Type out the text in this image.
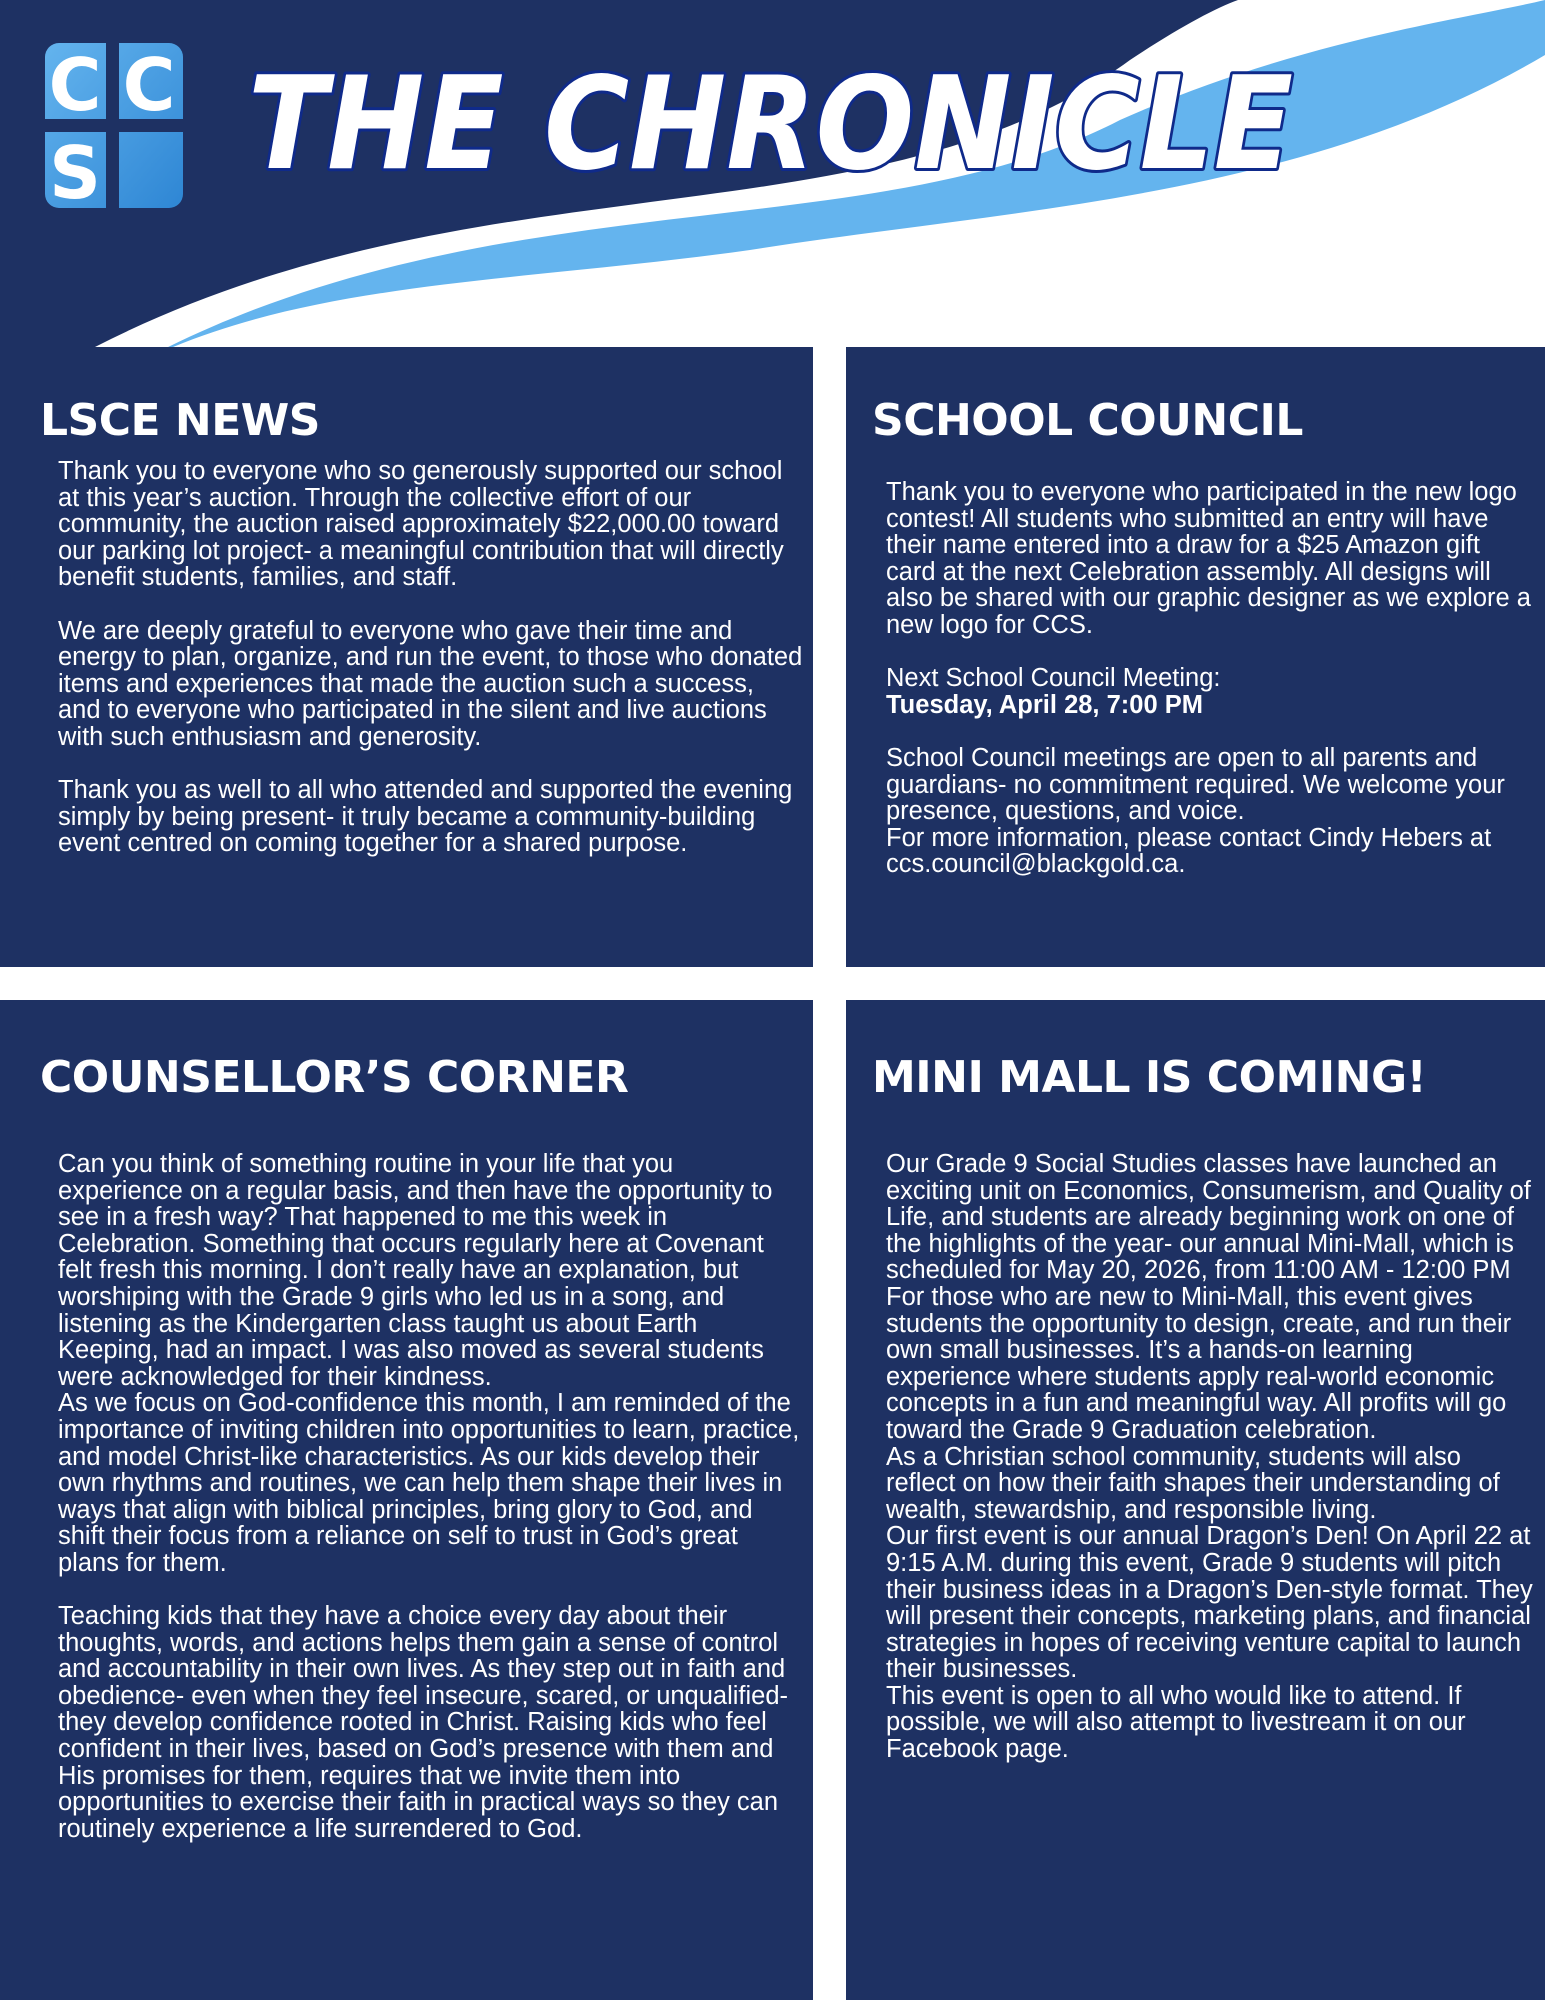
C C
S THE CHRONICLE
LSCE NEWS

Thank you to everyone who so generously supported our school at this year’s auction. Through the collective effort of our community, the auction raised approximately $22,000.00 toward our parking lot project- a meaningful contribution that will directly benefit students, families, and staff.

We are deeply grateful to everyone who gave their time and energy to plan, organize, and run the event, to those who donated items and experiences that made the auction such a success, and to everyone who participated in the silent and live auctions with such enthusiasm and generosity.

Thank you as well to all who attended and supported the evening simply by being present- it truly became a community-building event centred on coming together for a shared purpose.

SCHOOL COUNCIL

Thank you to everyone who participated in the new logo contest! All students who submitted an entry will have their name entered into a draw for a $25 Amazon gift card at the next Celebration assembly. All designs will also be shared with our graphic designer as we explore a new logo for CCS.

Next School Council Meeting:

Tuesday, April 28, 7:00 PM

School Council meetings are open to all parents and guardians- no commitment required. We welcome your presence, questions, and voice.

For more information, please contact Cindy Hebers at ccs.council@blackgold.ca.

COUNSELLOR’S CORNER

Can you think of something routine in your life that you experience on a regular basis, and then have the opportunity to see in a fresh way? That happened to me this week in Celebration. Something that occurs regularly here at Covenant felt fresh this morning. I don’t really have an explanation, but worshiping with the Grade 9 girls who led us in a song, and listening as the Kindergarten class taught us about Earth Keeping, had an impact. I was also moved as several students were acknowledged for their kindness.

As we focus on God-confidence this month, I am reminded of the importance of inviting children into opportunities to learn, practice, and model Christ-like characteristics. As our kids develop their own rhythms and routines, we can help them shape their lives in ways that align with biblical principles, bring glory to God, and shift their focus from a reliance on self to trust in God’s great plans for them.

Teaching kids that they have a choice every day about their thoughts, words, and actions helps them gain a sense of control and accountability in their own lives. As they step out in faith and obedience- even when they feel insecure, scared, or unqualified- they develop confidence rooted in Christ. Raising kids who feel confident in their lives, based on God’s presence with them and His promises for them, requires that we invite them into opportunities to exercise their faith in practical ways so they can routinely experience a life surrendered to God.

MINI MALL IS COMING!

Our Grade 9 Social Studies classes have launched an exciting unit on Economics, Consumerism, and Quality of Life, and students are already beginning work on one of the highlights of the year- our annual Mini-Mall, which is scheduled for May 20, 2026, from 11:00 AM - 12:00 PM

For those who are new to Mini-Mall, this event gives students the opportunity to design, create, and run their own small businesses. It’s a hands-on learning experience where students apply real-world economic concepts in a fun and meaningful way. All profits will go toward the Grade 9 Graduation celebration.

As a Christian school community, students will also reflect on how their faith shapes their understanding of wealth, stewardship, and responsible living.

Our first event is our annual Dragon’s Den! On April 22 at 9:15 A.M. during this event, Grade 9 students will pitch their business ideas in a Dragon’s Den-style format. They will present their concepts, marketing plans, and financial strategies in hopes of receiving venture capital to launch their businesses.

This event is open to all who would like to attend. If possible, we will also attempt to livestream it on our Facebook page.
